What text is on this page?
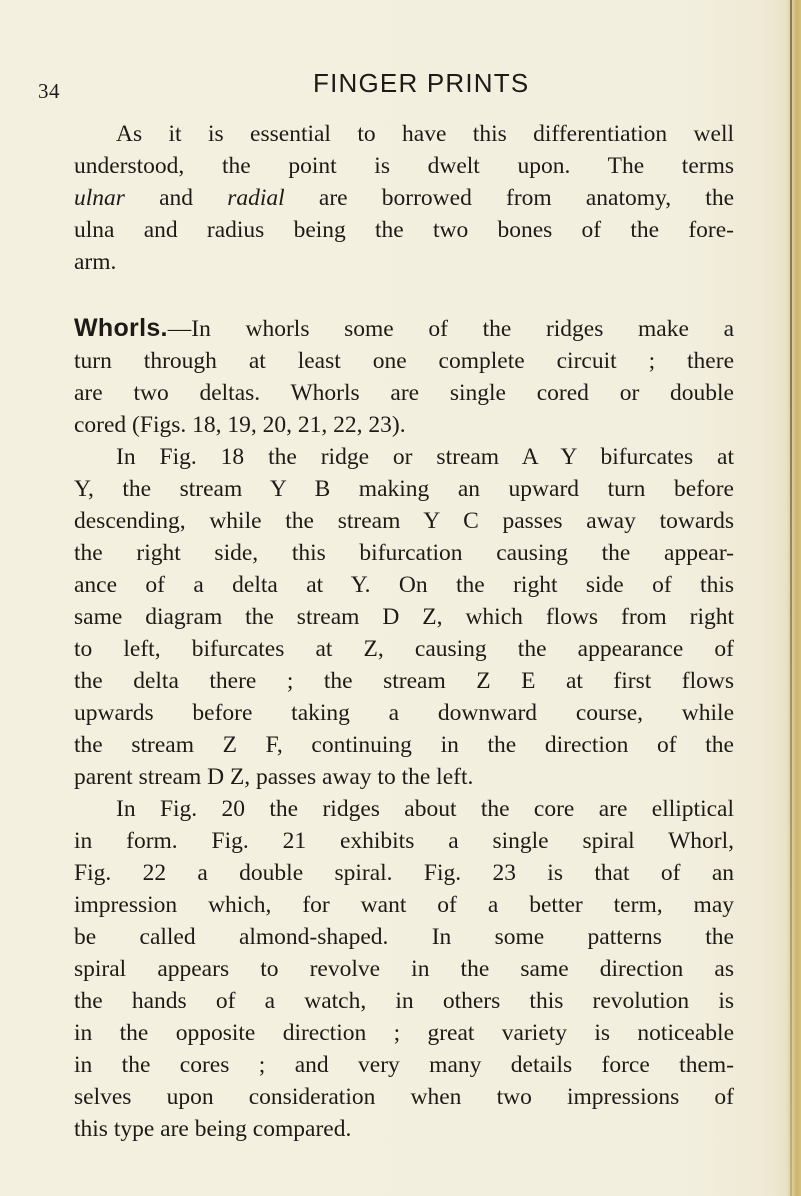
34	FINGER PRINTS
As it is essential to have this differentiation well
understood, the point is dwelt upon. The terms
ulnar and radial are borrowed from anatomy, the
ulna and radius being the two bones of the fore-
arm.
Whorls.—In whorls some of the ridges make a
turn through at least one complete circuit ; there
are two deltas. Whorls are single cored or double
cored (Figs. 18, 19, 20, 21, 22, 23).
In Fig. 18 the ridge or stream A Y bifurcates at
Y, the stream Y B making an upward turn before
descending, while the stream Y C passes away towards
the right side, this bifurcation causing the appear-
ance of a delta at Y. On the right side of this
same diagram the stream D Z, which flows from right
to left, bifurcates at Z, causing the appearance of
the delta there ; the stream Z E at first flows
upwards before taking a downward course, while
the stream Z F, continuing in the direction of the
parent stream D Z, passes away to the left.
In Fig. 20 the ridges about the core are elliptical
in form. Fig. 21 exhibits a single spiral Whorl,
Fig. 22 a double spiral. Fig. 23 is that of an
impression which, for want of a better term, may
be called almond-shaped. In some patterns the
spiral appears to revolve in the same direction as
the hands of a watch, in others this revolution is
in the opposite direction ; great variety is noticeable
in the cores ; and very many details force them-
selves upon consideration when two impressions of
this type are being compared.
